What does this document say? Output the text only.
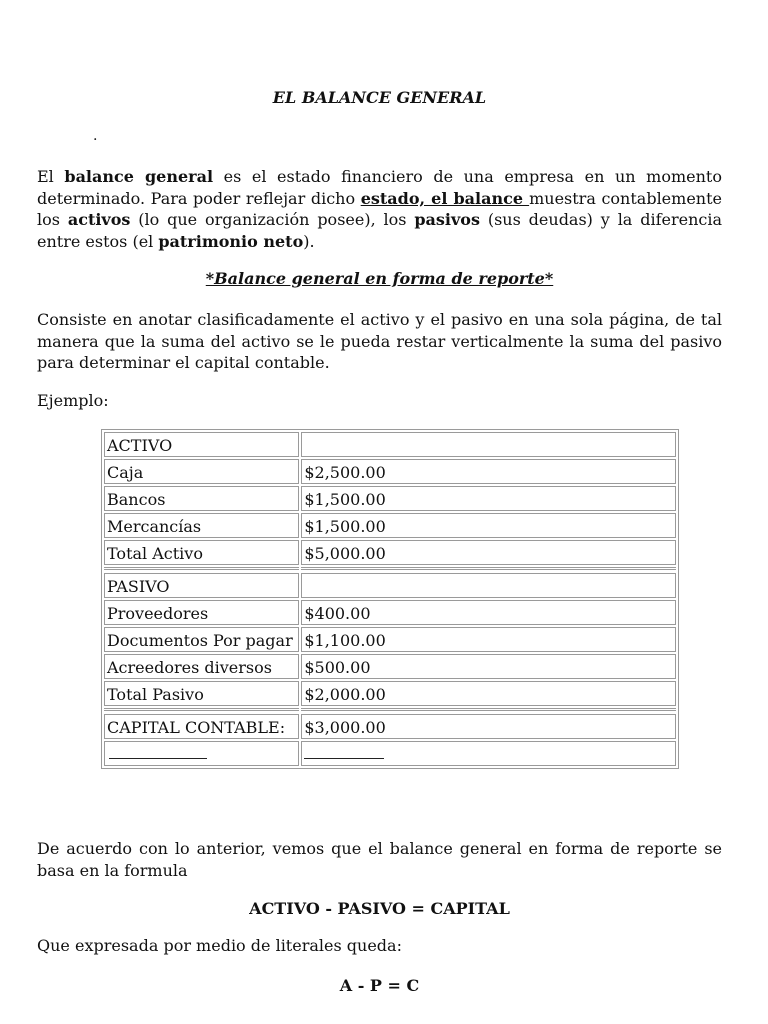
EL BALANCE GENERAL
.
El balance general es el estado financiero de una empresa en un momento determinado. Para poder reflejar dicho estado, el balance muestra contablemente los activos (lo que organización posee), los pasivos (sus deudas) y la diferencia entre estos (el patrimonio neto).
*Balance general en forma de reporte*
Consiste en anotar clasificadamente el activo y el pasivo en una sola página, de tal manera que la suma del activo se le pueda restar verticalmente la suma del pasivo para determinar el capital contable.
Ejemplo:
ACTIVO
Caja	$2,500.00
Bancos	$1,500.00
Mercancías	$1,500.00
Total Activo	$5,000.00
PASIVO
Proveedores	$400.00
Documentos Por pagar $1,100.00
Acreedores diversos	$500.00
Total Pasivo	$2,000.00
CAPITAL CONTABLE:	$3,000.00
De acuerdo con lo anterior, vemos que el balance general en forma de reporte se basa en la formula
ACTIVO - PASIVO = CAPITAL
Que expresada por medio de literales queda:
A - P = C
